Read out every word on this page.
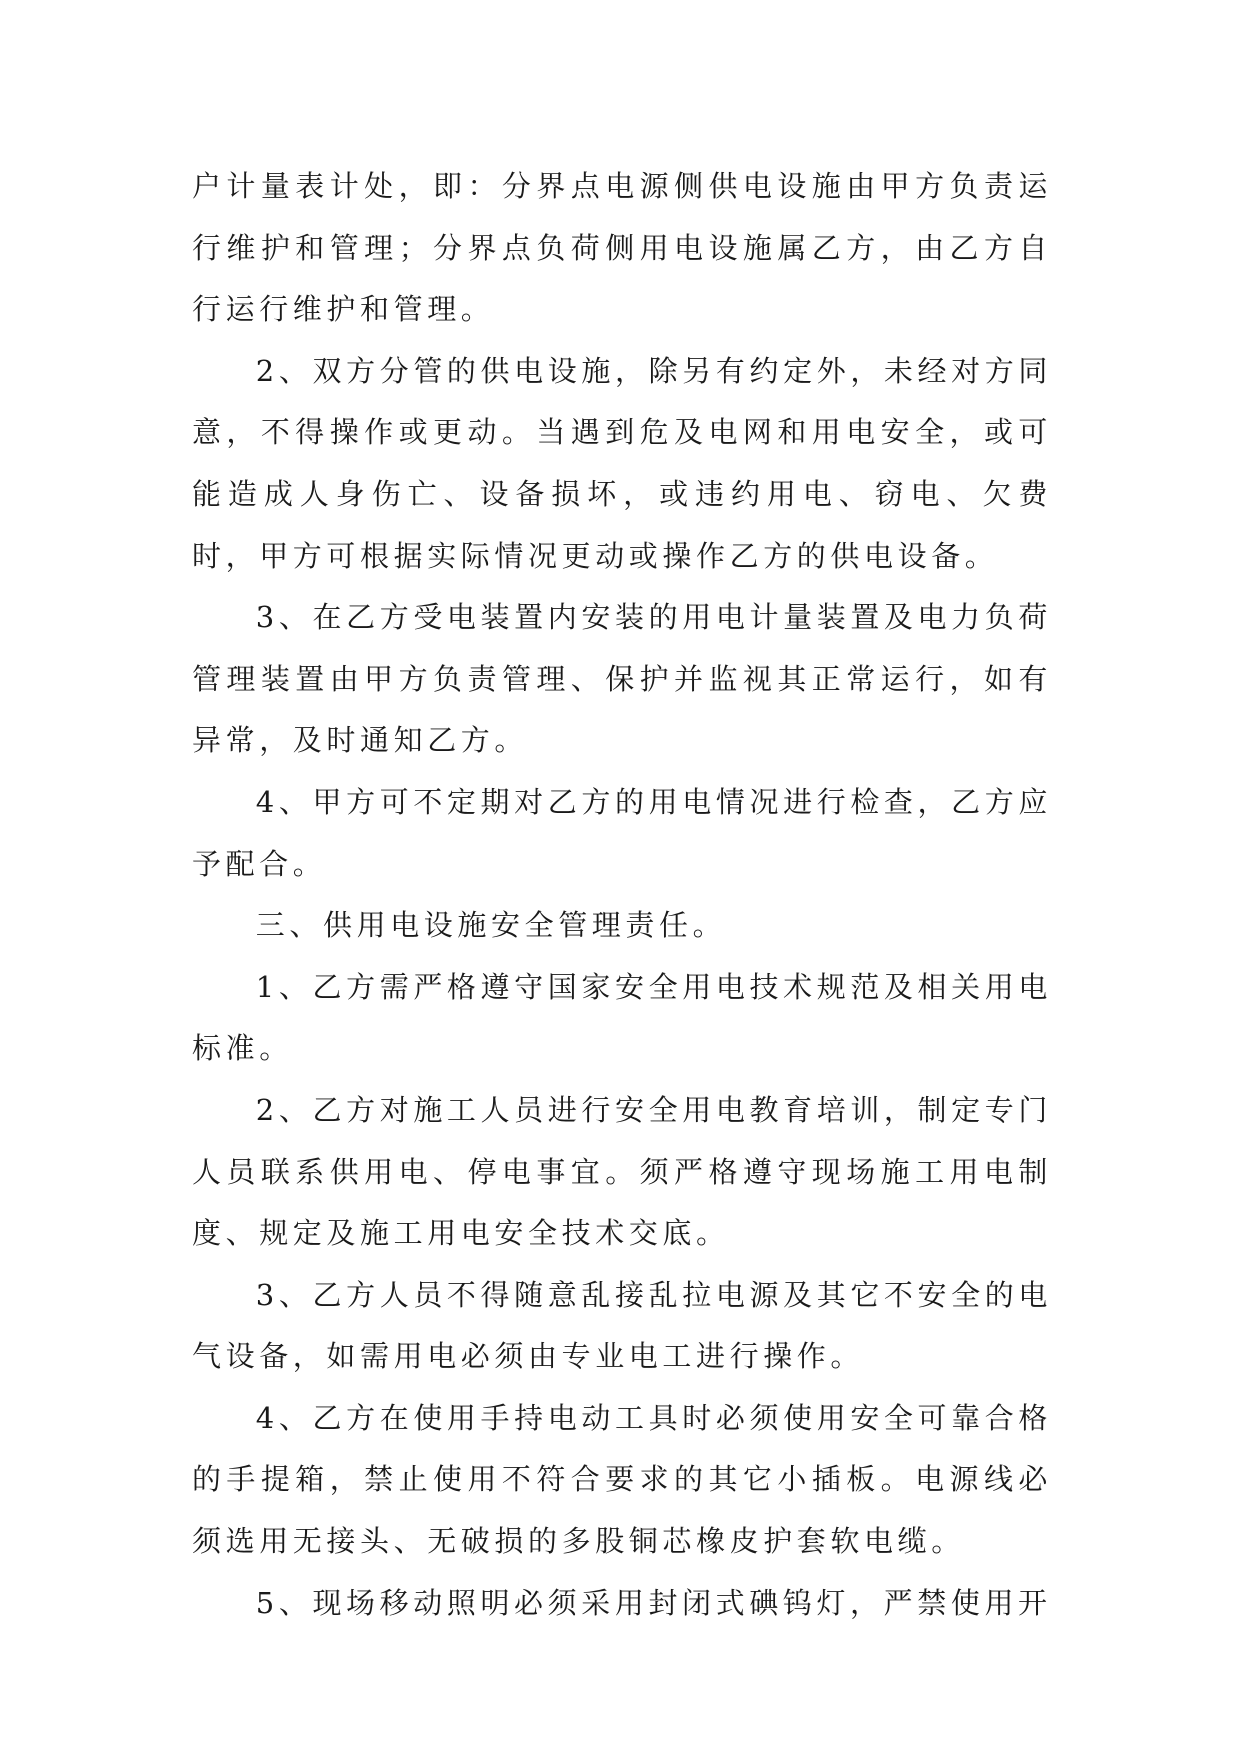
户计量表计处，即：分界点电源侧供电设施由甲方负责运行维护和管理；分界点负荷侧用电设施属乙方，由乙方自行运行维护和管理。

2、双方分管的供电设施，除另有约定外，未经对方同意，不得操作或更动。当遇到危及电网和用电安全，或可能造成人身伤亡、设备损坏，或违约用电、窃电、欠费时，甲方可根据实际情况更动或操作乙方的供电设备。

3、在乙方受电装置内安装的用电计量装置及电力负荷管理装置由甲方负责管理、保护并监视其正常运行，如有异常，及时通知乙方。

4、甲方可不定期对乙方的用电情况进行检查，乙方应予配合。

三、供用电设施安全管理责任。

1、乙方需严格遵守国家安全用电技术规范及相关用电标准。

2、乙方对施工人员进行安全用电教育培训，制定专门人员联系供用电、停电事宜。须严格遵守现场施工用电制度、规定及施工用电安全技术交底。

3、乙方人员不得随意乱接乱拉电源及其它不安全的电气设备，如需用电必须由专业电工进行操作。

4、乙方在使用手持电动工具时必须使用安全可靠合格的手提箱，禁止使用不符合要求的其它小插板。电源线必须选用无接头、无破损的多股铜芯橡皮护套软电缆。

5、现场移动照明必须采用封闭式碘钨灯，严禁使用开
